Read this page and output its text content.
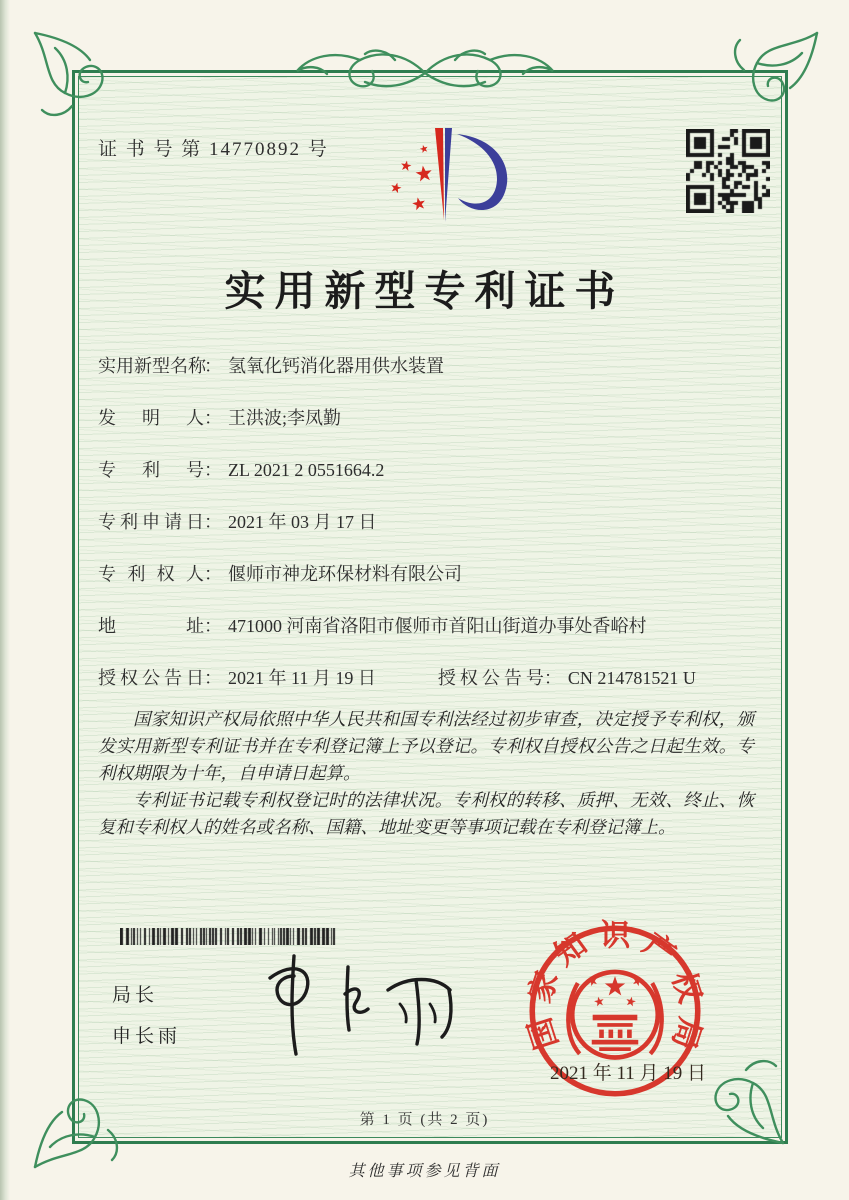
证 书 号 第 14770892 号
实用新型专利证书
实用新型名称： 氢氧化钙消化器用供水装置
发明人： 王洪波;李凤勤
专利号： ZL 2021 2 0551664.2
专利申请日： 2021 年 03 月 17 日
专利权人： 偃师市神龙环保材料有限公司
地址： 471000 河南省洛阳市偃师市首阳山街道办事处香峪村
授权公告日： 2021 年 11 月 19 日	授权公告号： CN 214781521 U

国家知识产权局依照中华人民共和国专利法经过初步审查，决定授予专利权，颁发实用新型专利证书并在专利登记簿上予以登记。专利权自授权公告之日起生效。专利权期限为十年，自申请日起算。

专利证书记载专利权登记时的法律状况。专利权的转移、质押、无效、终止、恢复和专利权人的姓名或名称、国籍、地址变更等事项记载在专利登记簿上。

局长
申长雨	国家知识产权局
2021 年 11 月 19 日
第 1 页 (共 2 页)
其他事项参见背面
